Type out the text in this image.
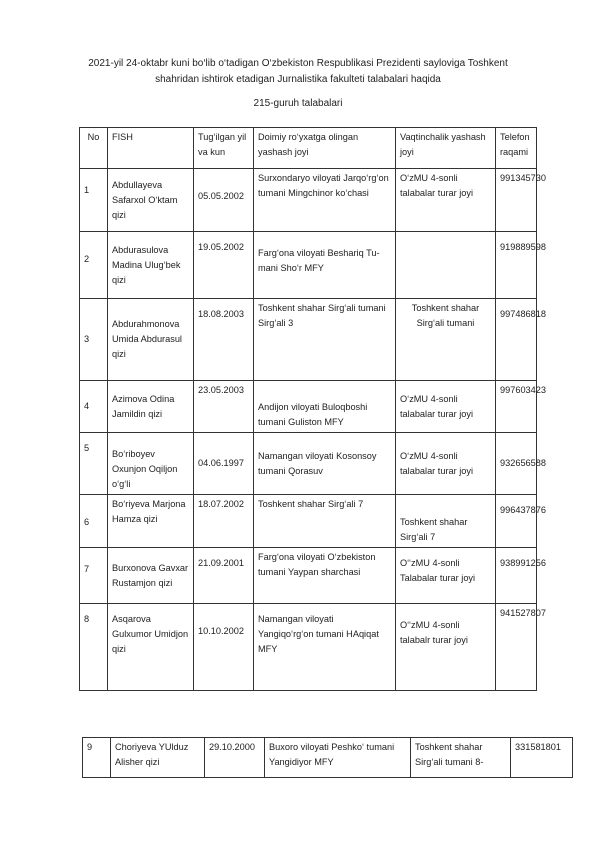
2021-yil 24-oktabr kuni bo‘lib o‘tadigan O‘zbekiston Respublikasi Prezidenti sayloviga Toshkent shahridan ishtirok etadigan Jurnalistika fakulteti talabalari haqida
215-guruh talabalari
No	FISH	Tug‘ilgan yil va kun	Doimiy ro‘yxatga olingan yashash joyi	Vaqtinchalik yashash joyi	Telefon raqami
1	Abdullayeva Safarxol O‘ktam qizi	05.05.2002	Surxondaryo viloyati Jarqo‘rg‘on tumani Mingchinor ko‘chasi	O‘zMU 4-sonli talabalar turar joyi	991345730
2	Abdurasulova Madina Ulug‘bek qizi	19.05.2002	Farg‘ona viloyati Beshariq Tu-mani Sho‘r MFY		919889598
3	Abdurahmonova Umida Abdurasul qizi	18.08.2003	Toshkent shahar Sirg‘ali tumani Sirg‘ali 3	Toshkent shahar Sirg‘ali tumani	997486818
4	Azimova Odina Jamildin qizi	23.05.2003	Andijon viloyati Buloqboshi tumani Guliston MFY	O‘zMU 4-sonli talabalar turar joyi	997603423
5	Bo‘riboyev Oxunjon Oqiljon o‘g‘li	04.06.1997	Namangan viloyati Kosonsoy tumani Qorasuv	O‘zMU 4-sonli talabalar turar joyi	932656588
6	Bo‘riyeva Marjona Hamza qizi	18.07.2002	Toshkent shahar Sirg‘ali 7	Toshkent shahar Sirg‘ali 7	996437876
7	Burxonova Gavxar Rustamjon qizi	21.09.2001	Farg‘ona viloyati O‘zbekiston tumani Yaypan sharchasi	O‘‘zMU 4-sonli Talabalar turar joyi	938991256
8	Asqarova Gulxumor Umidjon qizi	10.10.2002	Namangan viloyati Yangiqo‘rg‘on tumani HAqiqat MFY	O‘‘zMU 4-sonli talabalr turar joyi	941527807
9	Choriyeva YUlduz Alisher qizi	29.10.2000	Buxoro viloyati Peshko‘ tumani Yangidiyor MFY	Toshkent shahar Sirg‘ali tumani 8-	331581801
